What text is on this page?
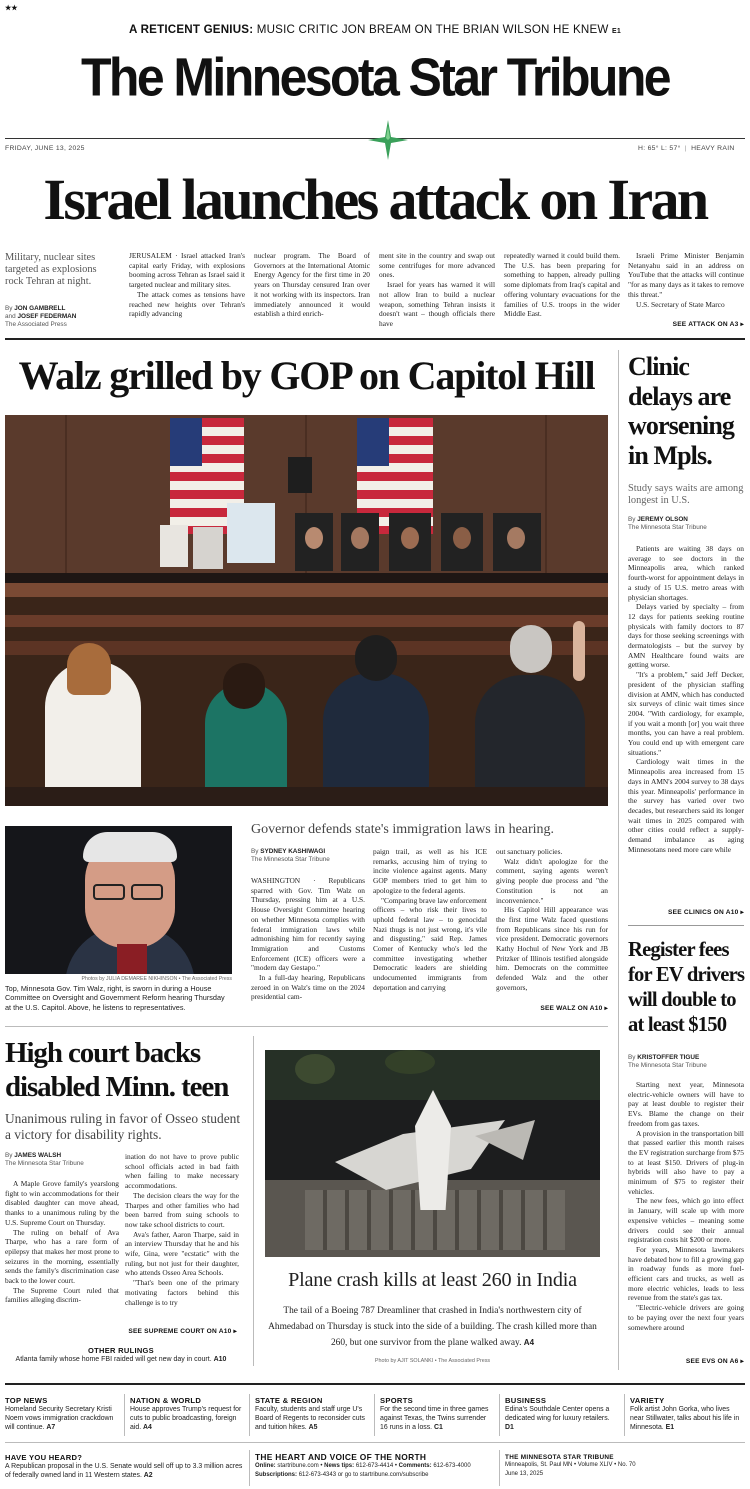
★★
A RETICENT GENIUS: MUSIC CRITIC JON BREAM ON THE BRIAN WILSON HE KNEW E1
The Minnesota Star Tribune
FRIDAY, JUNE 13, 2025	H: 65° L: 57° | HEAVY RAIN
Israel launches attack on Iran
Military, nuclear sites targeted as explosions rock Tehran at night.
By JON GAMBRELL
and JOSEF FEDERMAN
The Associated Press

JERUSALEM · Israel attacked Iran's capital early Friday, with explosions booming across Tehran as Israel said it targeted nuclear and military sites.

The attack comes as tensions have reached new heights over Tehran's rapidly advancing

nuclear program. The Board of Governors at the International Atomic Energy Agency for the first time in 20 years on Thursday censured Iran over it not working with its inspectors. Iran immediately announced it would establish a third enrich-

ment site in the country and swap out some centrifuges for more advanced ones.

Israel for years has warned it will not allow Iran to build a nuclear weapon, something Tehran insists it doesn't want – though officials there have

repeatedly warned it could build them. The U.S. has been preparing for something to happen, already pulling some diplomats from Iraq's capital and offering voluntary evacuations for the families of U.S. troops in the wider Middle East.

Israeli Prime Minister Benjamin Netanyahu said in an address on YouTube that the attacks will continue "for as many days as it takes to remove this threat."

U.S. Secretary of State Marco

SEE ATTACK ON A3 ▸
Walz grilled by GOP on Capitol Hill
Photos by JULIA DEMAREE NIKHINSON • The Associated Press
Top, Minnesota Gov. Tim Walz, right, is sworn in during a House Committee on Oversight and Government Reform hearing Thursday at the U.S. Capitol. Above, he listens to representatives.
Governor defends state's immigration laws in hearing.
By SYDNEY KASHIWAGI
The Minnesota Star Tribune

WASHINGTON · Republicans sparred with Gov. Tim Walz on Thursday, pressing him at a U.S. House Oversight Committee hearing on whether Minnesota complies with federal immigration laws while admonishing him for recently saying Immigration and Customs Enforcement (ICE) officers were a "modern day Gestapo."

In a full-day hearing, Republicans zeroed in on Walz's time on the 2024 presidential cam-

paign trail, as well as his ICE remarks, accusing him of trying to incite violence against agents. Many GOP members tried to get him to apologize to the federal agents.

"Comparing brave law enforcement officers – who risk their lives to uphold federal law – to genocidal Nazi thugs is not just wrong, it's vile and disgusting," said Rep. James Comer of Kentucky who's led the committee investigating whether Democratic leaders are shielding undocumented immigrants from deportation and carrying

out sanctuary policies.

Walz didn't apologize for the comment, saying agents weren't giving people due process and "the Constitution is not an inconvenience."

His Capitol Hill appearance was the first time Walz faced questions from Republicans since his run for vice president. Democratic governors Kathy Hochul of New York and JB Pritzker of Illinois testified alongside him. Democrats on the committee defended Walz and the other governors,

SEE WALZ ON A10 ▸
Clinic delays are worsening in Mpls.
Study says waits are among longest in U.S.
By JEREMY OLSON
The Minnesota Star Tribune

Patients are waiting 38 days on average to see doctors in the Minneapolis area, which ranked fourth-worst for appointment delays in a study of 15 U.S. metro areas with physician shortages.

Delays varied by specialty – from 12 days for patients seeking routine physicals with family doctors to 87 days for those seeking screenings with dermatologists – but the survey by AMN Healthcare found waits are getting worse.

"It's a problem," said Jeff Decker, president of the physician staffing division at AMN, which has conducted six surveys of clinic wait times since 2004. "With cardiology, for example, if you wait a month [or] you wait three months, you can have a real problem. You could end up with emergent care situations."

Cardiology wait times in the Minneapolis area increased from 15 days in AMN's 2004 survey to 38 days this year. Minneapolis' performance in the survey has varied over two decades, but researchers said its longer wait times in 2025 compared with other cities could reflect a supply-demand imbalance as aging Minnesotans need more care while

SEE CLINICS ON A10 ▸
Register fees for EV drivers will double to at least $150
By KRISTOFFER TIGUE
The Minnesota Star Tribune

Starting next year, Minnesota electric-vehicle owners will have to pay at least double to register their EVs. Blame the change on their freedom from gas taxes.

A provision in the transportation bill that passed earlier this month raises the EV registration surcharge from $75 to at least $150. Drivers of plug-in hybrids will also have to pay a minimum of $75 to register their vehicles.

The new fees, which go into effect in January, will scale up with more expensive vehicles – meaning some drivers could see their annual registration costs hit $200 or more.

For years, Minnesota lawmakers have debated how to fill a growing gap in roadway funds as more fuel-efficient cars and trucks, as well as more electric vehicles, leads to less revenue from the state's gas tax.

"Electric-vehicle drivers are going to be paying over the next four years somewhere around

SEE EVS ON A6 ▸
High court backs disabled Minn. teen
Unanimous ruling in favor of Osseo student a victory for disability rights.
By JAMES WALSH
The Minnesota Star Tribune

A Maple Grove family's yearslong fight to win accommodations for their disabled daughter can move ahead, thanks to a unanimous ruling by the U.S. Supreme Court on Thursday.

The ruling on behalf of Ava Tharpe, who has a rare form of epilepsy that makes her most prone to seizures in the morning, essentially sends the family's discrimination case back to the lower court.

The Supreme Court ruled that families alleging discrim-

ination do not have to prove public school officials acted in bad faith when failing to make necessary accommodations.

The decision clears the way for the Tharpes and other families who had been barred from suing schools to now take school districts to court.

Ava's father, Aaron Tharpe, said in an interview Thursday that he and his wife, Gina, were "ecstatic" with the ruling, but not just for their daughter, who attends Osseo Area Schools.

"That's been one of the primary motivating factors behind this challenge is to try

SEE SUPREME COURT ON A10 ▸
OTHER RULINGS
Atlanta family whose home FBI raided will get new day in court. A10
Plane crash kills at least 260 in India
The tail of a Boeing 787 Dreamliner that crashed in India's northwestern city of Ahmedabad on Thursday is stuck into the side of a building. The crash killed more than 260, but one survivor from the plane walked away. A4
Photo by AJIT SOLANKI • The Associated Press
TOP NEWS
Homeland Security Secretary Kristi Noem vows immigration crackdown will continue. A7
NATION & WORLD
House approves Trump's request for cuts to public broadcasting, foreign aid. A4
STATE & REGION
Faculty, students and staff urge U's Board of Regents to reconsider cuts and tuition hikes. A5
SPORTS
For the second time in three games against Texas, the Twins surrender 16 runs in a loss. C1
BUSINESS
Edina's Southdale Center opens a dedicated wing for luxury retailers. D1
VARIETY
Folk artist John Gorka, who lives near Stillwater, talks about his life in Minnesota. E1
HAVE YOU HEARD?
A Republican proposal in the U.S. Senate would sell off up to 3.3 million acres of federally owned land in 11 Western states. A2
THE HEART AND VOICE OF THE NORTH
Online: startribune.com • News tips: 612-673-4414 • Comments: 612-673-4000
Subscriptions: 612-673-4343 or go to startribune.com/subscribe
THE MINNESOTA STAR TRIBUNE
Minneapolis, St. Paul MN • Volume XLIV • No. 70
June 13, 2025
